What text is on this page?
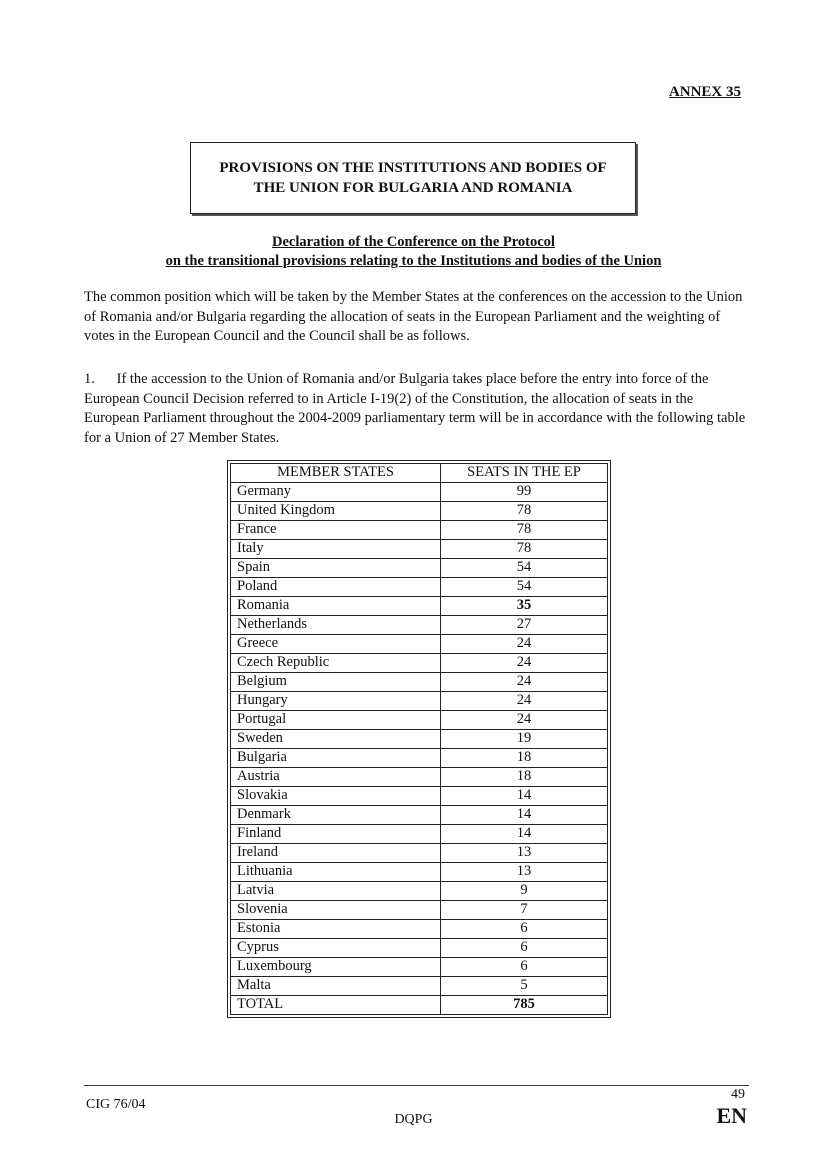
ANNEX 35
PROVISIONS ON THE INSTITUTIONS AND BODIES OF
THE UNION FOR BULGARIA AND ROMANIA
Declaration of the Conference on the Protocol
on the transitional provisions relating to the Institutions and bodies of the Union
The common position which will be taken by the Member States at the conferences on the accession to the Union of Romania and/or Bulgaria regarding the allocation of seats in the European Parliament and the weighting of votes in the European Council and the Council shall be as follows.
1.  If the accession to the Union of Romania and/or Bulgaria takes place before the entry into force of the European Council Decision referred to in Article I-19(2) of the Constitution, the allocation of seats in the European Parliament throughout the 2004-2009 parliamentary term will be in accordance with the following table for a Union of 27 Member States.
MEMBER STATES	SEATS IN THE EP
Germany	99
United Kingdom	78
France	78
Italy	78
Spain	54
Poland	54
Romania	35
Netherlands	27
Greece	24
Czech Republic	24
Belgium	24
Hungary	24
Portugal	24
Sweden	19
Bulgaria	18
Austria	18
Slovakia	14
Denmark	14
Finland	14
Ireland	13
Lithuania	13
Latvia	9
Slovenia	7
Estonia	6
Cyprus	6
Luxembourg	6
Malta	5
TOTAL	785
CIG 76/04
DQPG
49
EN
